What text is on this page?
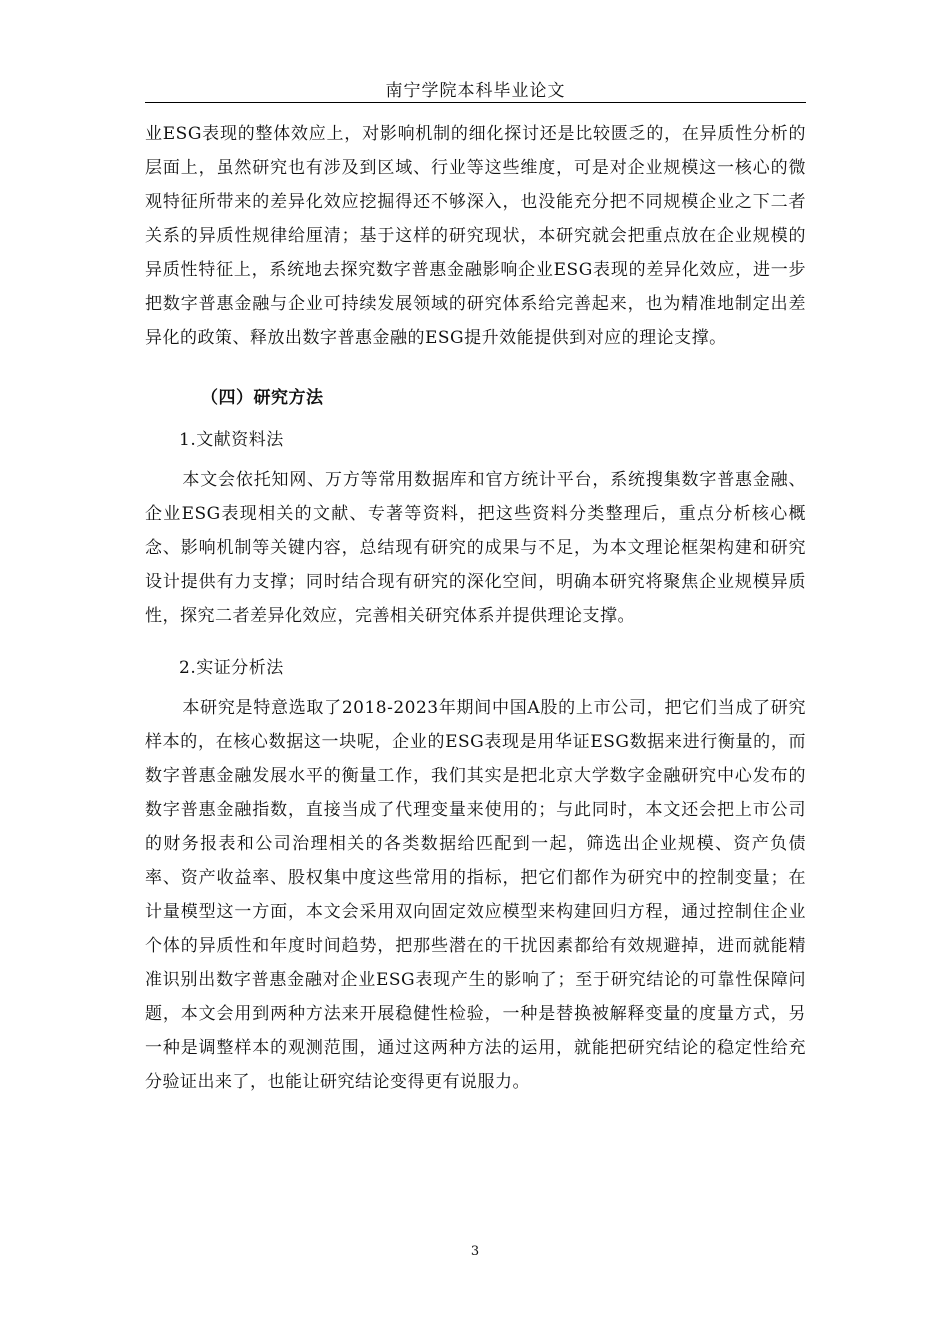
南宁学院本科毕业论文

业ESG表现的整体效应上，对影响机制的细化探讨还是比较匮乏的，在异质性分析的层面上，虽然研究也有涉及到区域、行业等这些维度，可是对企业规模这一核心的微观特征所带来的差异化效应挖掘得还不够深入，也没能充分把不同规模企业之下二者关系的异质性规律给厘清；基于这样的研究现状，本研究就会把重点放在企业规模的异质性特征上，系统地去探究数字普惠金融影响企业ESG表现的差异化效应，进一步把数字普惠金融与企业可持续发展领域的研究体系给完善起来，也为精准地制定出差异化的政策、释放出数字普惠金融的ESG提升效能提供到对应的理论支撑。

（四）研究方法

1.文献资料法

本文会依托知网、万方等常用数据库和官方统计平台，系统搜集数字普惠金融、企业ESG表现相关的文献、专著等资料，把这些资料分类整理后，重点分析核心概念、影响机制等关键内容，总结现有研究的成果与不足，为本文理论框架构建和研究设计提供有力支撑；同时结合现有研究的深化空间，明确本研究将聚焦企业规模异质性，探究二者差异化效应，完善相关研究体系并提供理论支撑。

2.实证分析法

本研究是特意选取了2018-2023年期间中国A股的上市公司，把它们当成了研究样本的，在核心数据这一块呢，企业的ESG表现是用华证ESG数据来进行衡量的，而数字普惠金融发展水平的衡量工作，我们其实是把北京大学数字金融研究中心发布的数字普惠金融指数，直接当成了代理变量来使用的；与此同时，本文还会把上市公司的财务报表和公司治理相关的各类数据给匹配到一起，筛选出企业规模、资产负债率、资产收益率、股权集中度这些常用的指标，把它们都作为研究中的控制变量；在计量模型这一方面，本文会采用双向固定效应模型来构建回归方程，通过控制住企业个体的异质性和年度时间趋势，把那些潜在的干扰因素都给有效规避掉，进而就能精准识别出数字普惠金融对企业ESG表现产生的影响了；至于研究结论的可靠性保障问题，本文会用到两种方法来开展稳健性检验，一种是替换被解释变量的度量方式，另一种是调整样本的观测范围，通过这两种方法的运用，就能把研究结论的稳定性给充分验证出来了，也能让研究结论变得更有说服力。

3
